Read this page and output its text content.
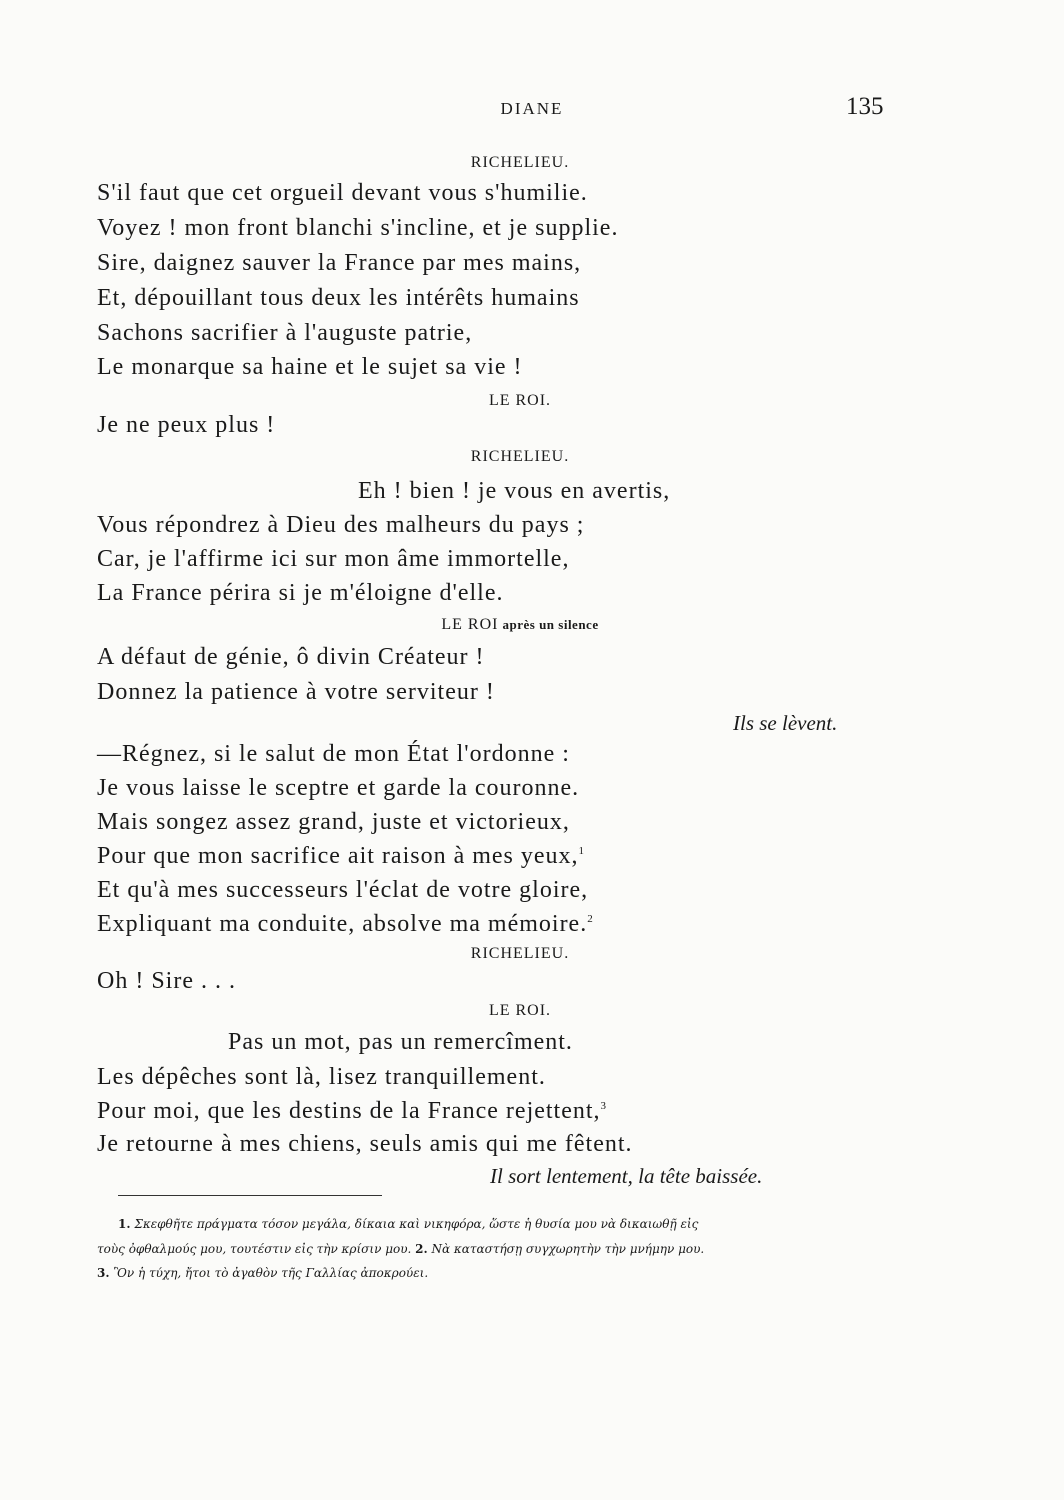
DIANE	135
RICHELIEU.
S'il faut que cet orgueil devant vous s'humilie.
Voyez ! mon front blanchi s'incline, et je supplie.
Sire, daignez sauver la France par mes mains,
Et, dépouillant tous deux les intérêts humains
Sachons sacrifier à l'auguste patrie,
Le monarque sa haine et le sujet sa vie !
LE ROI.
Je ne peux plus !
RICHELIEU.
Eh ! bien ! je vous en avertis,
Vous répondrez à Dieu des malheurs du pays ;
Car, je l'affirme ici sur mon âme immortelle,
La France périra si je m'éloigne d'elle.
LE ROI après un silence
A défaut de génie, ô divin Créateur !
Donnez la patience à votre serviteur !
Ils se lèvent.
—Régnez, si le salut de mon État l'ordonne :
Je vous laisse le sceptre et garde la couronne.
Mais songez assez grand, juste et victorieux,
Pour que mon sacrifice ait raison à mes yeux,$^1$
Et qu'à mes successeurs l'éclat de votre gloire,
Expliquant ma conduite, absolve ma mémoire.$^2$
RICHELIEU.
Oh ! Sire . . .
LE ROI.
Pas un mot, pas un remercîment.
Les dépêches sont là, lisez tranquillement.
Pour moi, que les destins de la France rejettent,$^3$
Je retourne à mes chiens, seuls amis qui me fêtent.
Il sort lentement, la tête baissée.
1. Σκεφθῆτε πράγματα τόσον μεγάλα, δίκαια καὶ νικηφόρα, ὥστε ἡ θυσία μου νὰ δικαιωθῇ εἰς
τοὺς ὀφθαλμούς μου, τουτέστιν εἰς τὴν κρίσιν μου. 2. Νὰ καταστήσῃ συγχωρητὴν τὴν μνήμην μου.
3. Ὃν ἡ τύχη, ἤτοι τὸ ἀγαθὸν τῆς Γαλλίας ἀποκρούει.
